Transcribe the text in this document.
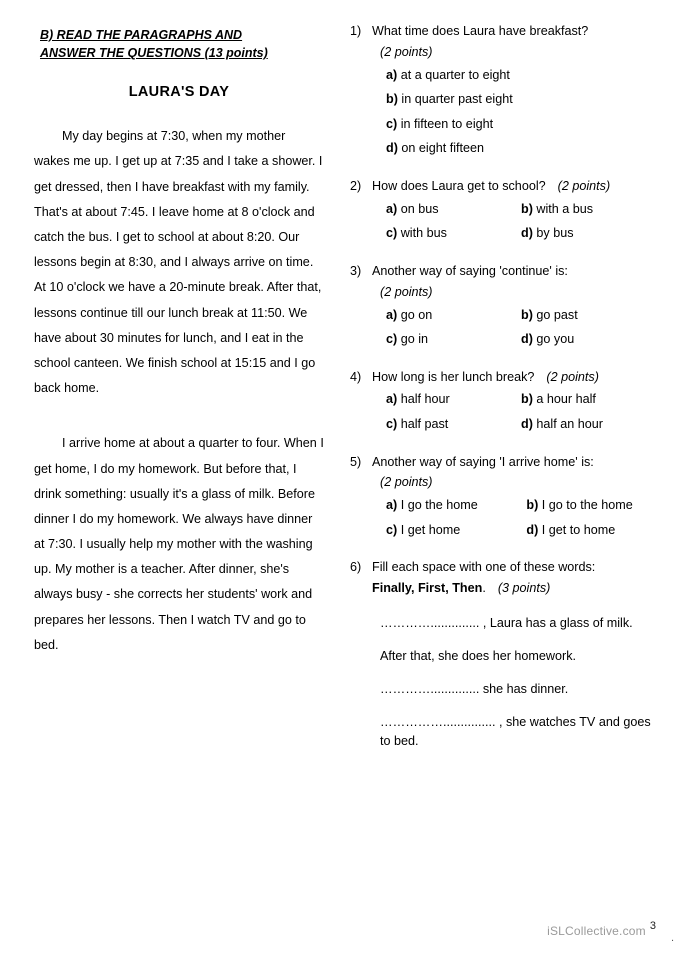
B) READ THE PARAGRAPHS AND
ANSWER THE QUESTIONS (13 points)
LAURA'S DAY

My day begins at 7:30, when my mother wakes me up. I get up at 7:35 and I take a shower. I get dressed, then I have breakfast with my family. That's at about 7:45. I leave home at 8 o'clock and catch the bus. I get to school at about 8:20. Our lessons begin at 8:30, and I always arrive on time. At 10 o'clock we have a 20-minute break. After that, lessons continue till our lunch break at 11:50. We have about 30 minutes for lunch, and I eat in the school canteen. We finish school at 15:15 and I go back home.

I arrive home at about a quarter to four. When I get home, I do my homework. But before that, I drink something: usually it's a glass of milk. Before dinner I do my homework. We always have dinner at 7:30. I usually help my mother with the washing up. My mother is a teacher. After dinner, she's always busy - she corrects her students' work and prepares her lessons. Then I watch TV and go to bed.

1) What time does Laura have breakfast?
(2 points)
a) at a quarter to eight
b) in quarter past eight
c) in fifteen to eight
d) on eight fifteen
2) How does Laura get to school? (2 points)
a) on bus	b) with a bus
c) with bus	d) by bus
3) Another way of saying 'continue' is:
(2 points)
a) go on	b) go past
c) go in	d) go you
4) How long is her lunch break? (2 points)
a) half hour	b) a hour half
c) half past	d) half an hour
5) Another way of saying 'I arrive home' is:
(2 points)
a) I go the home	b) I go to the home
c) I get home	d) I get to home
6) Fill each space with one of these words:
Finally, First, Then. (3 points)
………….............. , Laura has a glass of milk.
After that, she does her homework.
………….............. she has dinner.
……………............... , she watches TV and goes to bed.
iSLCollective.com 3
.
